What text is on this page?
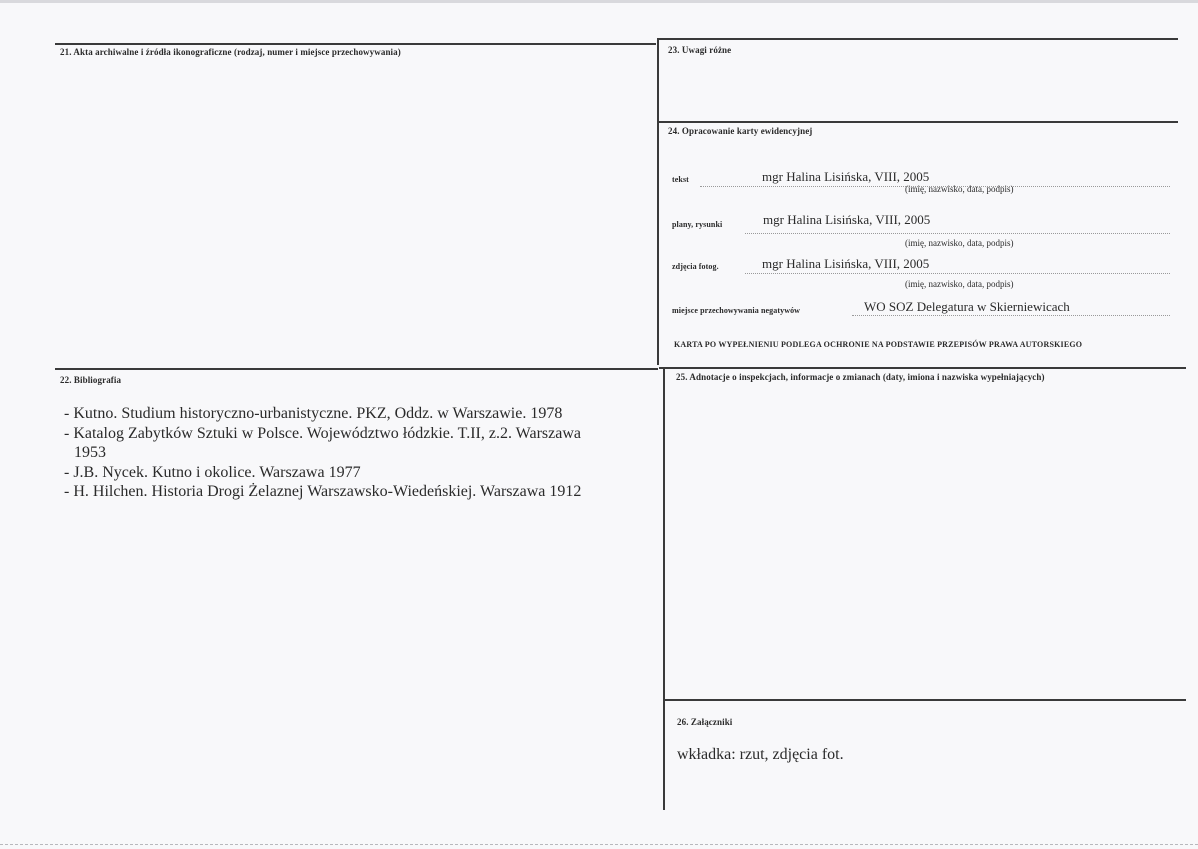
21. Akta archiwalne i źródła ikonograficzne (rodzaj, numer i miejsce przechowywania)	23. Uwagi różne
24. Opracowanie karty ewidencyjnej
tekst	mgr Halina Lisińska, VIII, 2005
(imię, nazwisko, data, podpis)
plany, rysunki	mgr Halina Lisińska, VIII, 2005
(imię, nazwisko, data, podpis)
zdjęcia fotog.	mgr Halina Lisińska, VIII, 2005
(imię, nazwisko, data, podpis)
miejsce przechowywania negatywów	WO SOZ Delegatura w Skierniewicach
KARTA PO WYPEŁNIENIU PODLEGA OCHRONIE NA PODSTAWIE PRZEPISÓW PRAWA AUTORSKIEGO
22. Bibliografia
- Kutno. Studium historyczno-urbanistyczne. PKZ, Oddz. w Warszawie. 1978
- Katalog Zabytków Sztuki w Polsce. Województwo łódzkie. T.II, z.2. Warszawa
1953
- J.B. Nycek. Kutno i okolice. Warszawa 1977
- H. Hilchen. Historia Drogi Żelaznej Warszawsko-Wiedeńskiej. Warszawa 1912
25. Adnotacje o inspekcjach, informacje o zmianach (daty, imiona i nazwiska wypełniających)
26. Załączniki
wkładka: rzut, zdjęcia fot.
